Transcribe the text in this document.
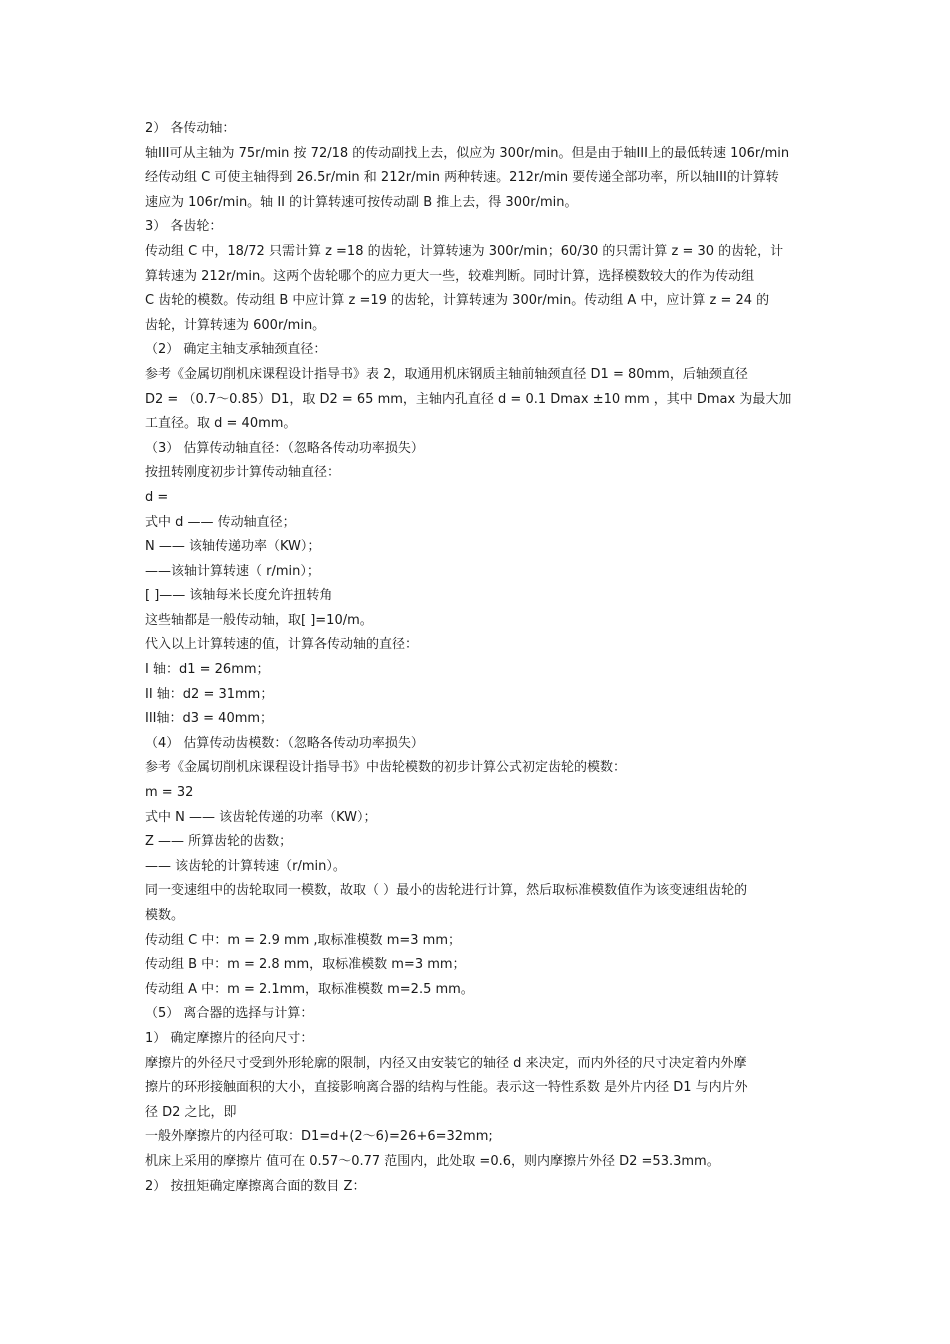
2） 各传动轴：
轴III可从主轴为 75r/min 按 72/18 的传动副找上去，似应为 300r/min。但是由于轴III上的最低转速 106r/min
经传动组 C 可使主轴得到 26.5r/min 和 212r/min 两种转速。212r/min 要传递全部功率，所以轴III的计算转
速应为 106r/min。轴 II 的计算转速可按传动副 B 推上去，得 300r/min。
3） 各齿轮：
传动组 C 中，18/72 只需计算 z =18 的齿轮，计算转速为 300r/min；60/30 的只需计算 z = 30 的齿轮，计
算转速为 212r/min。这两个齿轮哪个的应力更大一些，较难判断。同时计算，选择模数较大的作为传动组
C 齿轮的模数。传动组 B 中应计算 z =19 的齿轮，计算转速为 300r/min。传动组 A 中，应计算 z = 24 的
齿轮，计算转速为 600r/min。
（2） 确定主轴支承轴颈直径：
参考《金属切削机床课程设计指导书》表 2，取通用机床钢质主轴前轴颈直径 D1 = 80mm，后轴颈直径
D2 = （0.7～0.85）D1，取 D2 = 65 mm，主轴内孔直径 d = 0.1 Dmax ±10 mm ，其中 Dmax 为最大加
工直径。取 d = 40mm。
（3） 估算传动轴直径：（忽略各传动功率损失）
按扭转刚度初步计算传动轴直径：
d =
式中 d —— 传动轴直径；
N —— 该轴传递功率（KW）；
——该轴计算转速（ r/min）；
[ ]—— 该轴每米长度允许扭转角
这些轴都是一般传动轴，取[ ]=10/m。
代入以上计算转速的值，计算各传动轴的直径：
I 轴：d1 = 26mm；
II 轴：d2 = 31mm；
III轴：d3 = 40mm；
（4） 估算传动齿模数：（忽略各传动功率损失）
参考《金属切削机床课程设计指导书》中齿轮模数的初步计算公式初定齿轮的模数：
m = 32
式中 N —— 该齿轮传递的功率（KW）；
Z —— 所算齿轮的齿数；
—— 该齿轮的计算转速（r/min）。
同一变速组中的齿轮取同一模数，故取（ ）最小的齿轮进行计算，然后取标准模数值作为该变速组齿轮的
模数。
传动组 C 中：m = 2.9 mm ,取标准模数 m=3 mm；
传动组 B 中：m = 2.8 mm，取标准模数 m=3 mm；
传动组 A 中：m = 2.1mm，取标准模数 m=2.5 mm。
（5） 离合器的选择与计算：
1） 确定摩擦片的径向尺寸：
摩擦片的外径尺寸受到外形轮廓的限制，内径又由安装它的轴径 d 来决定，而内外径的尺寸决定着内外摩
擦片的环形接触面积的大小，直接影响离合器的结构与性能。表示这一特性系数 是外片内径 D1 与内片外
径 D2 之比，即
一般外摩擦片的内径可取：D1=d+(2～6)=26+6=32mm;
机床上采用的摩擦片 值可在 0.57～0.77 范围内，此处取 =0.6，则内摩擦片外径 D2 =53.3mm。
2） 按扭矩确定摩擦离合面的数目 Z：
